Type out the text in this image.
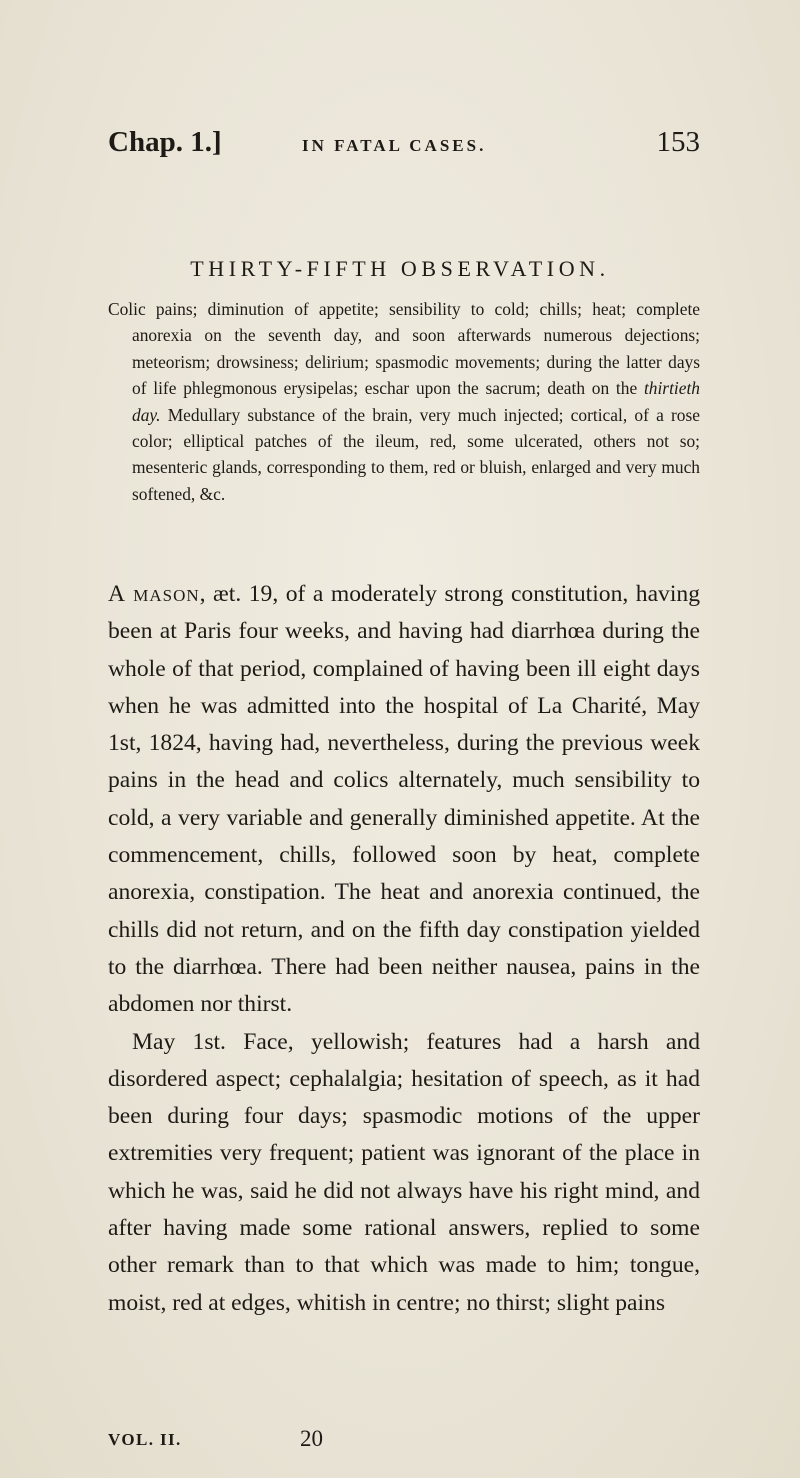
Chap. 1.]	IN FATAL CASES.	153
THIRTY-FIFTH OBSERVATION.

Colic pains; diminution of appetite; sensibility to cold; chills; heat; complete anorexia on the seventh day, and soon afterwards numerous dejections; meteorism; drowsiness; delirium; spasmodic movements; during the latter days of life phlegmonous erysipelas; eschar upon the sacrum; death on the thirtieth day. Medullary substance of the brain, very much injected; cortical, of a rose color; elliptical patches of the ileum, red, some ulcerated, others not so; mesenteric glands, corresponding to them, red or bluish, enlarged and very much softened, &c.

A mason, æt. 19, of a moderately strong constitution, having been at Paris four weeks, and having had diarrhœa during the whole of that period, complained of having been ill eight days when he was admitted into the hospital of La Charité, May 1st, 1824, having had, nevertheless, during the previous week pains in the head and colics alternately, much sensibility to cold, a very variable and generally diminished appetite. At the commencement, chills, followed soon by heat, complete anorexia, constipation. The heat and anorexia continued, the chills did not return, and on the fifth day constipation yielded to the diarrhœa. There had been neither nausea, pains in the abdomen nor thirst.

May 1st. Face, yellowish; features had a harsh and disordered aspect; cephalalgia; hesitation of speech, as it had been during four days; spasmodic motions of the upper extremities very frequent; patient was ignorant of the place in which he was, said he did not always have his right mind, and after having made some rational answers, replied to some other remark than to that which was made to him; tongue, moist, red at edges, whitish in centre; no thirst; slight pains

VOL. II.	20
